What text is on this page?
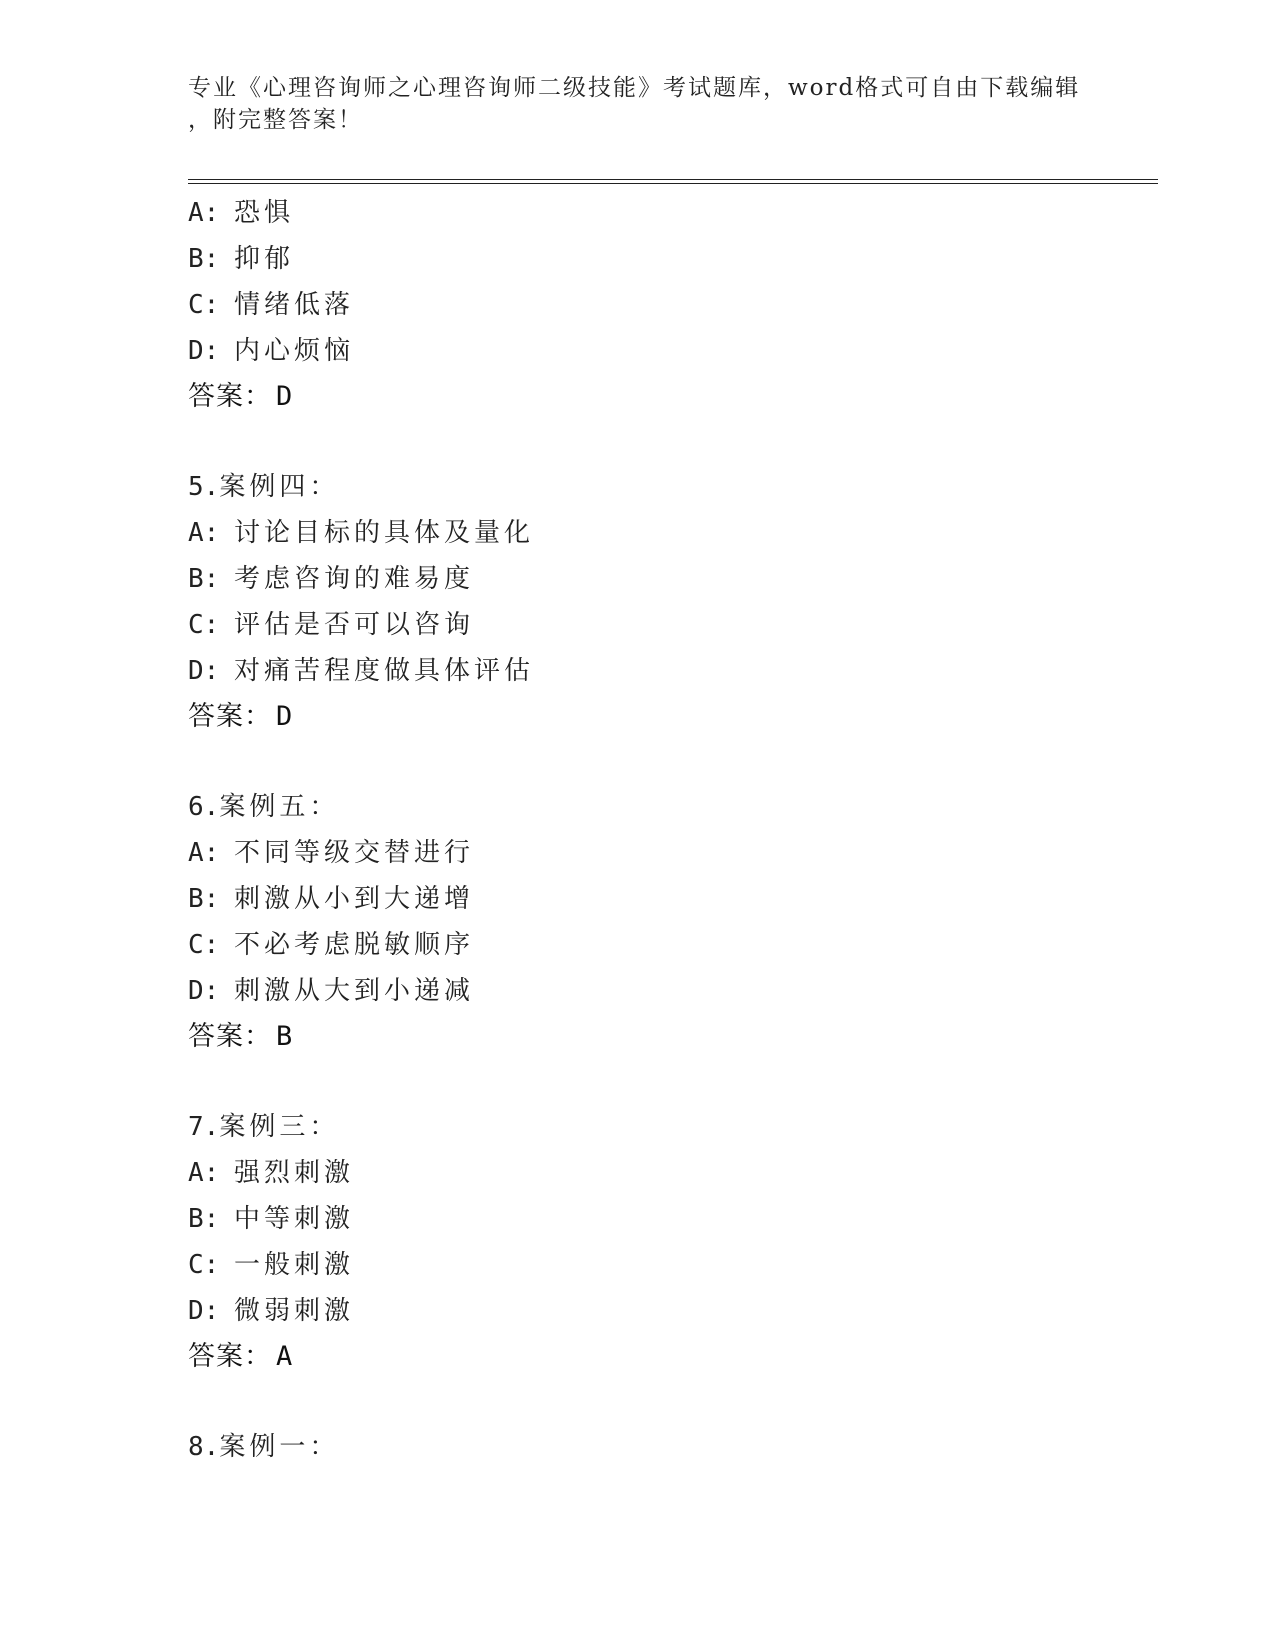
专业《心理咨询师之心理咨询师二级技能》考试题库，word格式可自由下载编辑
，附完整答案！
A: 恐惧
B: 抑郁
C: 情绪低落
D: 内心烦恼
答案： D
5.案例四：
A: 讨论目标的具体及量化
B: 考虑咨询的难易度
C: 评估是否可以咨询
D: 对痛苦程度做具体评估
答案： D
6.案例五：
A: 不同等级交替进行
B: 刺激从小到大递增
C: 不必考虑脱敏顺序
D: 刺激从大到小递减
答案： B
7.案例三：
A: 强烈刺激
B: 中等刺激
C: 一般刺激
D: 微弱刺激
答案： A
8.案例一：
